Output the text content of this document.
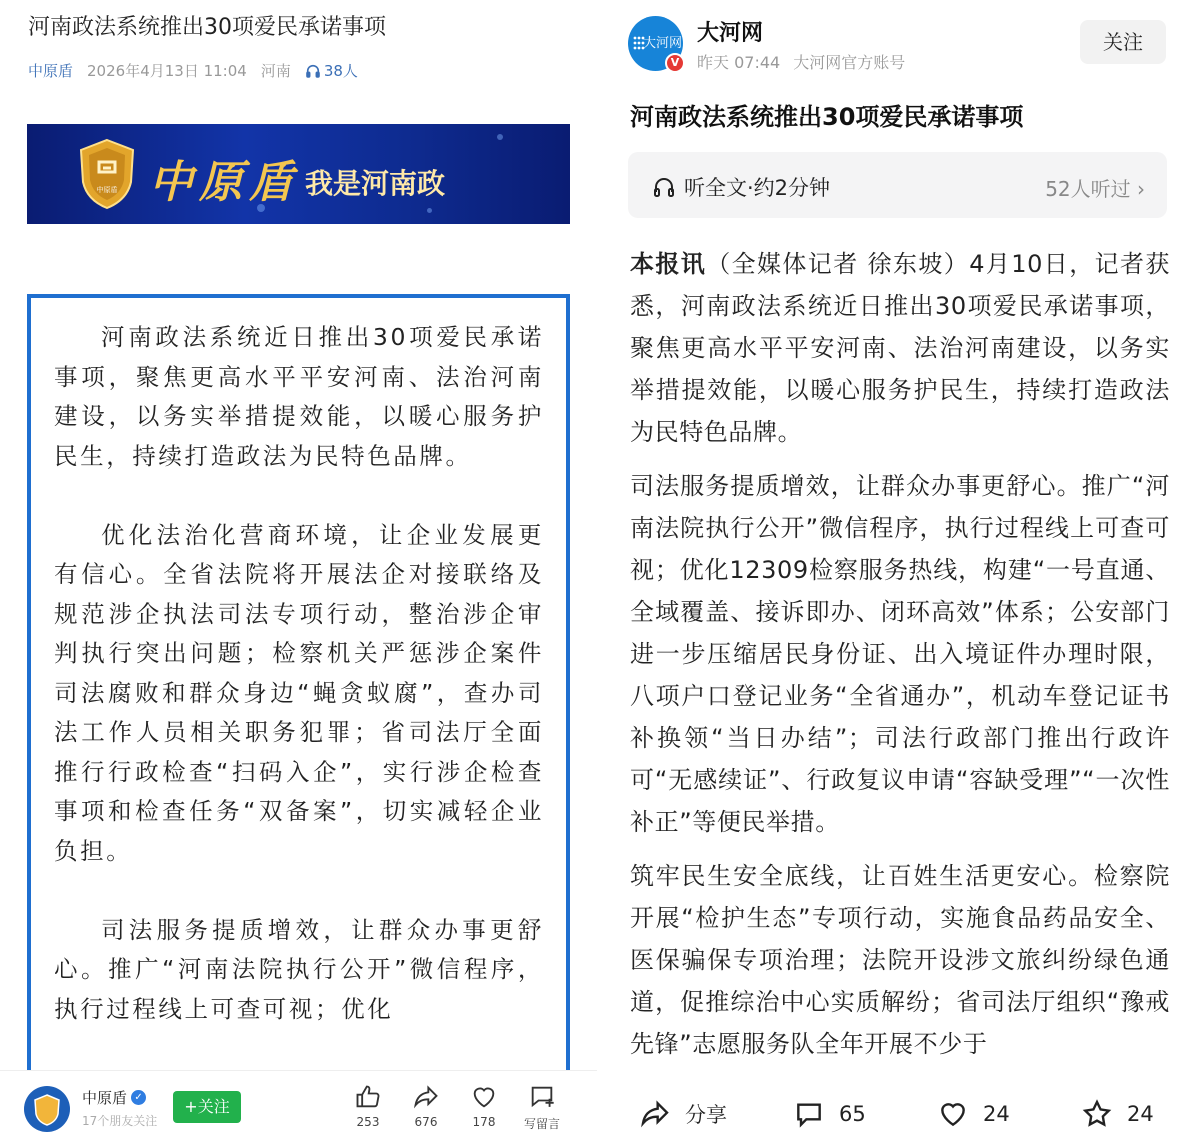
河南政法系统推出30项爱民承诺事项
中原盾 2026年4月13日 11:04 河南 38人
中原盾 中原盾 我是河南政

河南政法系统近日推出30项爱民承诺事项，聚焦更高水平平安河南、法治河南建设，以务实举措提效能，以暖心服务护民生，持续打造政法为民特色品牌。

优化法治化营商环境，让企业发展更有信心。全省法院将开展法企对接联络及规范涉企执法司法专项行动，整治涉企审判执行突出问题；检察机关严惩涉企案件司法腐败和群众身边“蝇贪蚁腐”，查办司法工作人员相关职务犯罪；省司法厅全面推行行政检查“扫码入企”，实行涉企检查事项和检查任务“双备案”，切实减轻企业负担。

司法服务提质增效，让群众办事更舒心。推广“河南法院执行公开”微信程序，执行过程线上可查可视；优化

中原盾 ✓
17个朋友关注
+关注
253	676	178	写留言
大河网
V
大河网
昨天 07:44 大河网官方账号
关注
河南政法系统推出30项爱民承诺事项
听全文·约2分钟	52人听过 ›

本报讯（全媒体记者 徐东坡）4月10日，记者获悉，河南政法系统近日推出30项爱民承诺事项，聚焦更高水平平安河南、法治河南建设，以务实举措提效能，以暖心服务护民生，持续打造政法为民特色品牌。

司法服务提质增效，让群众办事更舒心。推广“河南法院执行公开”微信程序，执行过程线上可查可视；优化12309检察服务热线，构建“一号直通、全域覆盖、接诉即办、闭环高效”体系；公安部门进一步压缩居民身份证、出入境证件办理时限，八项户口登记业务“全省通办”，机动车登记证书补换领“当日办结”；司法行政部门推出行政许可“无感续证”、行政复议申请“容缺受理”“一次性补正”等便民举措。

筑牢民生安全底线，让百姓生活更安心。检察院开展“检护生态”专项行动，实施食品药品安全、医保骗保专项治理；法院开设涉文旅纠纷绿色通道，促推综治中心实质解纷；省司法厅组织“豫戒先锋”志愿服务队全年开展不少于

分享	65	24	24
